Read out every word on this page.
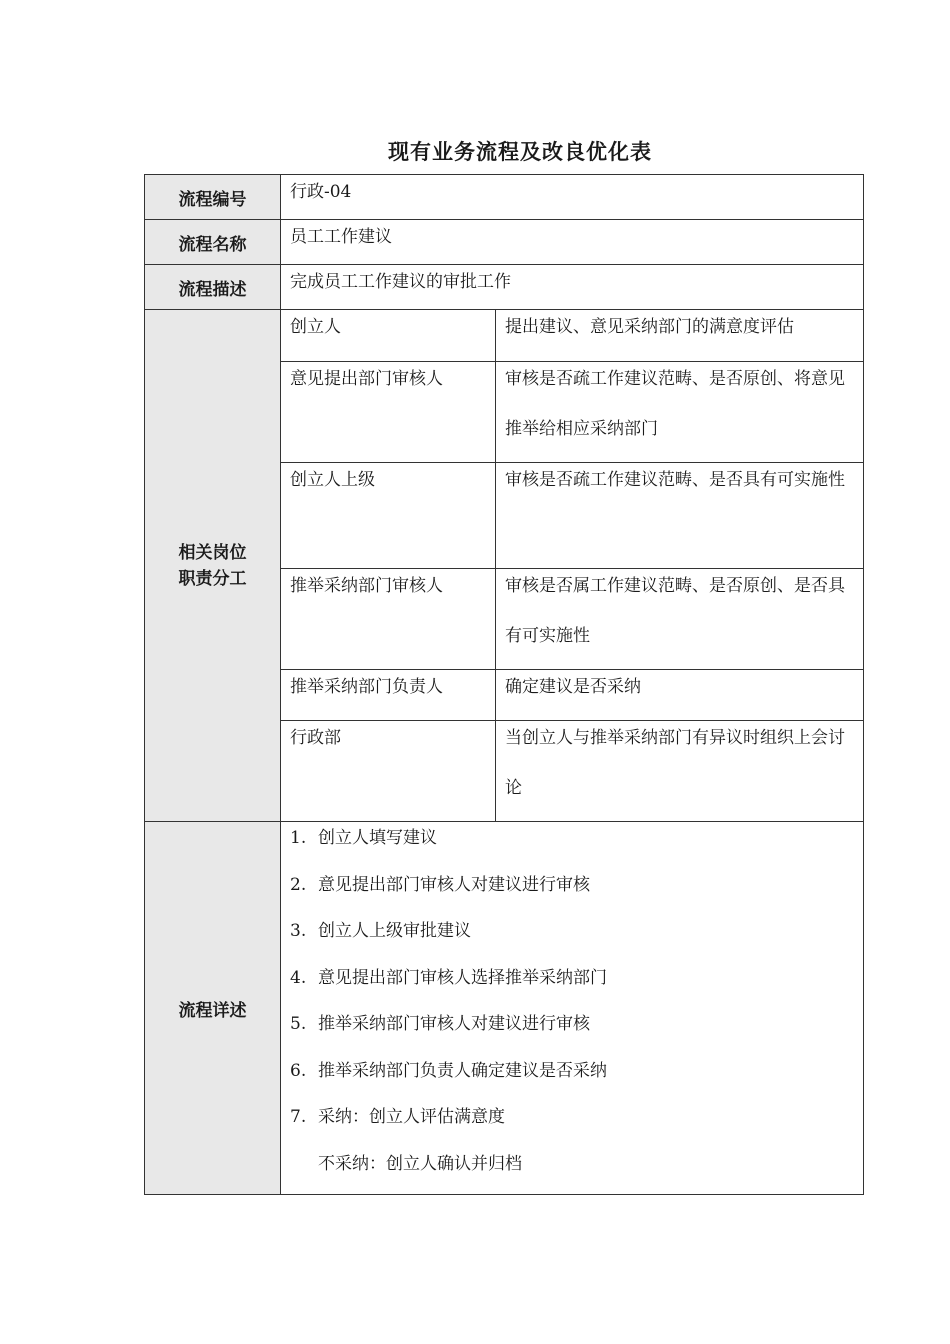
现有业务流程及改良优化表
流程编号	行政-04
流程名称	员工工作建议
流程描述	完成员工工作建议的审批工作

相关岗位
职责分工

创立人	提出建议、意见采纳部门的满意度评估
意见提出部门审核人	审核是否疏工作建议范畴、是否原创、将意见推举给相应采纳部门

创立人上级	审核是否疏工作建议范畴、是否具有可实施性

推举采纳部门审核人	审核是否属工作建议范畴、是否原创、是否具有可实施性

推举采纳部门负责人	确定建议是否采纳
行政部	当创立人与推举采纳部门有异议时组织上会讨论

流程详述	
1. 创立人填写建议
2. 意见提出部门审核人对建议进行审核
3. 创立人上级审批建议
4. 意见提出部门审核人选择推举采纳部门
5. 推举采纳部门审核人对建议进行审核
6. 推举采纳部门负责人确定建议是否采纳
7. 采纳：创立人评估满意度
不采纳：创立人确认并归档
